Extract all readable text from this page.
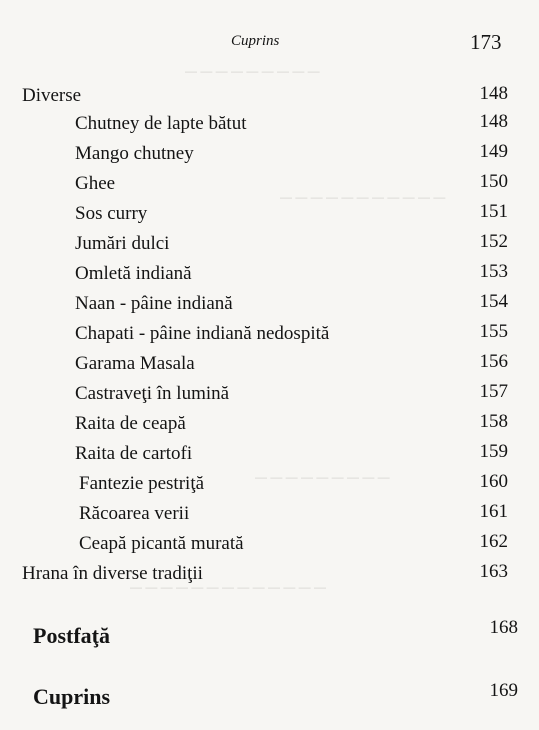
Cuprins	173
— — — — — — — — —
— — — — — — — — — — —
— — — — — — — — —
— — — — — — — — — — — — —
Diverse	148
Chutney de lapte bătut	148
Mango chutney	149
Ghee	150
Sos curry	151
Jumări dulci	152
Omletă indiană	153
Naan - pâine indiană	154
Chapati - pâine indiană nedospită	155
Garama Masala	156
Castraveţi în lumină	157
Raita de ceapă	158
Raita de cartofi	159
Fantezie pestriţă	160
Răcoarea verii	161
Ceapă picantă murată	162
Hrana în diverse tradiţii	163
Postfaţă	168
Cuprins	169
